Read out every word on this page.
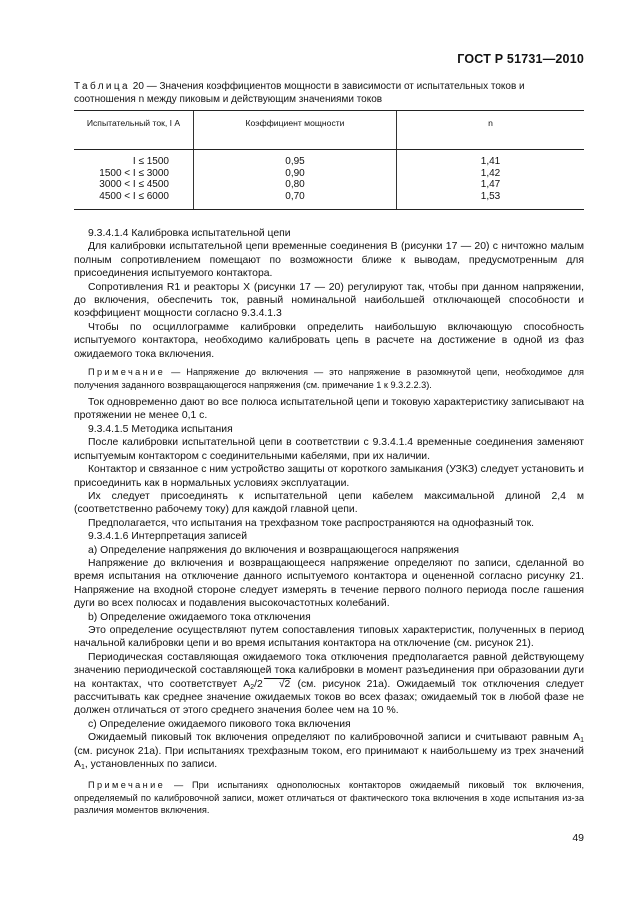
ГОСТ Р 51731—2010
Таблица 20 — Значения коэффициентов мощности в зависимости от испытательных токов и соотношения n между пиковым и действующим значениями токов
Испытательный ток, I А	Коэффициент мощности	n
I ≤ 1500	0,95	1,41
1500 < I ≤ 3000	0,90	1,42
3000 < I ≤ 4500	0,80	1,47
4500 < I ≤ 6000	0,70	1,53

9.3.4.1.4 Калибровка испытательной цепи

Для калибровки испытательной цепи временные соединения В (рисунки 17 — 20) с ничтожно малым полным сопротивлением помещают по возможности ближе к выводам, предусмотренным для присоединения испытуемого контактора.

Сопротивления R1 и реакторы X (рисунки 17 — 20) регулируют так, чтобы при данном напряжении, до включения, обеспечить ток, равный номинальной наибольшей отключающей способности и коэффициент мощности согласно 9.3.4.1.3

Чтобы по осциллограмме калибровки определить наибольшую включающую способность испытуемого контактора, необходимо калибровать цепь в расчете на достижение в одной из фаз ожидаемого тока включения.

Примечание — Напряжение до включения — это напряжение в разомкнутой цепи, необходимое для получения заданного возвращающегося напряжения (см. примечание 1 к 9.3.2.2.3).

Ток одновременно дают во все полюса испытательной цепи и токовую характеристику записывают на протяжении не менее 0,1 с.

9.3.4.1.5 Методика испытания

После калибровки испытательной цепи в соответствии с 9.3.4.1.4 временные соединения заменяют испытуемым контактором с соединительными кабелями, при их наличии.

Контактор и связанное с ним устройство защиты от короткого замыкания (УЗКЗ) следует установить и присоединить как в нормальных условиях эксплуатации.

Их следует присоединять к испытательной цепи кабелем максимальной длиной 2,4 м (соответственно рабочему току) для каждой главной цепи.

Предполагается, что испытания на трехфазном токе распространяются на однофазный ток.

9.3.4.1.6 Интерпретация записей

а) Определение напряжения до включения и возвращающегося напряжения

Напряжение до включения и возвращающееся напряжение определяют по записи, сделанной во время испытания на отключение данного испытуемого контактора и оцененной согласно рисунку 21. Напряжение на входной стороне следует измерять в течение первого полного периода после гашения дуги во всех полюсах и подавления высокочастотных колебаний.

b) Определение ожидаемого тока отключения

Это определение осуществляют путем сопоставления типовых характеристик, полученных в период начальной калибровки цепи и во время испытания контактора на отключение (см. рисунок 21).

Периодическая составляющая ожидаемого тока отключения предполагается равной действующему значению периодической составляющей тока калибровки в момент разъединения при образовании дуги на контактах, что соответствует $A_2/2$ √2 (см. рисунок 21а). Ожидаемый ток отключения следует рассчитывать как среднее значение ожидаемых токов во всех фазах; ожидаемый ток в любой фазе не должен отличаться от этого среднего значения более чем на 10 %.

с) Определение ожидаемого пикового тока включения

Ожидаемый пиковый ток включения определяют по калибровочной записи и считывают равным $A_1$ (см. рисунок 21а). При испытаниях трехфазным током, его принимают к наибольшему из трех значений $A_1$, установленных по записи.

Примечание — При испытаниях однополюсных контакторов ожидаемый пиковый ток включения, определяемый по калибровочной записи, может отличаться от фактического тока включения в ходе испытания из-за различия моментов включения.

49
